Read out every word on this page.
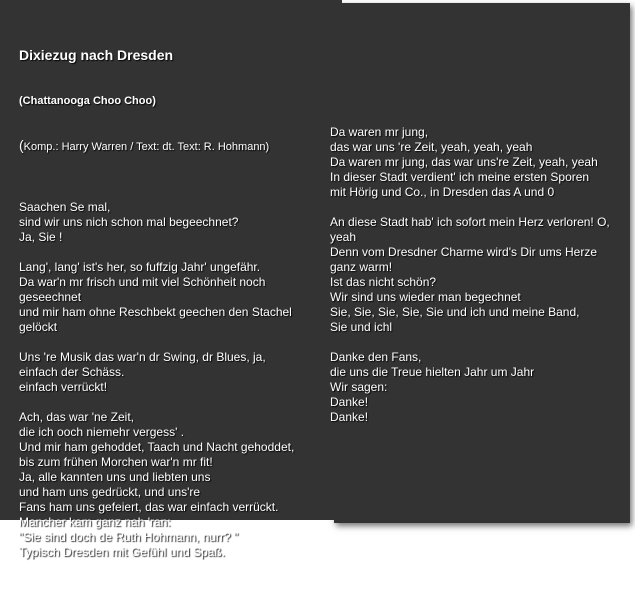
Dixiezug nach Dresden

(Chattanooga Choo Choo)

(Komp.: Harry Warren / Text: dt. Text: R. Hohmann)

Saachen Se mal,
sind wir uns nich schon mal begeechnet?
Ja, Sie !
Lang', lang' ist's her, so fuffzig Jahr' ungefähr.
Da war'n mr frisch und mit viel Schönheit noch
geseechnet
und mir ham ohne Reschbekt geechen den Stachel
gelöckt
Uns 're Musik das war'n dr Swing, dr Blues, ja,
einfach der Schäss.
einfach verrückt!
Ach, das war 'ne Zeit,
die ich ooch niemehr vergess' .
Und mir ham gehoddet, Taach und Nacht gehoddet,
bis zum frühen Morchen war'n mr fit!
Ja, alle kannten uns und liebten uns
und ham uns gedrückt, und uns're
Fans ham uns gefeiert, das war einfach verrückt.
Mancher kam ganz nah 'ran:
"Sie sind doch de Ruth Hohmann, nurr? "
Typisch Dresden mit Gefühl und Spaß.

Da waren mr jung,
das war uns 're Zeit, yeah, yeah, yeah
Da waren mr jung, das war uns're Zeit, yeah, yeah
In dieser Stadt verdient' ich meine ersten Sporen
mit Hörig und Co., in Dresden das A und 0
An diese Stadt hab' ich sofort mein Herz verloren! O,
yeah
Denn vom Dresdner Charme wird's Dir ums Herze
ganz warm!
Ist das nicht schön?
Wir sind uns wieder man begechnet
Sie, Sie, Sie, Sie, Sie und ich und meine Band,
Sie und ichl
Danke den Fans,
die uns die Treue hielten Jahr um Jahr
Wir sagen:
Danke!
Danke!
